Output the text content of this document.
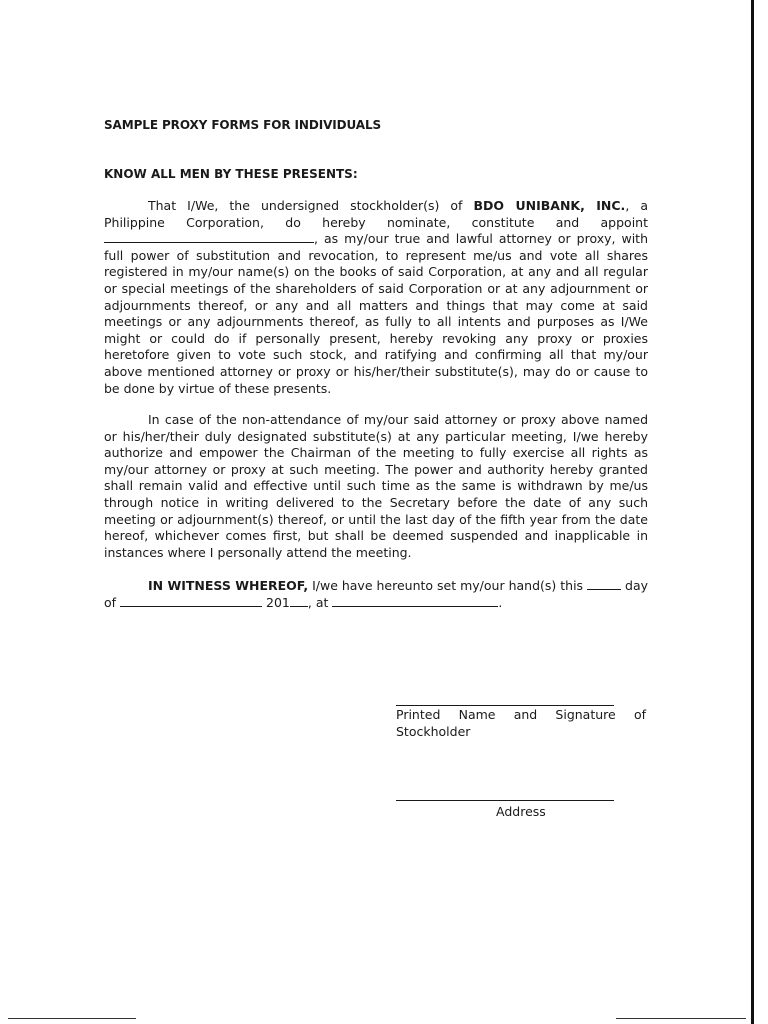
SAMPLE PROXY FORMS FOR INDIVIDUALS
KNOW ALL MEN BY THESE PRESENTS:
That I/We, the undersigned stockholder(s) of BDO UNIBANK, INC., a Philippine Corporation, do hereby nominate, constitute and appoint , as my/our true and lawful attorney or proxy, with full power of substitution and revocation, to represent me/us and vote all shares registered in my/our name(s) on the books of said Corporation, at any and all regular or special meetings of the shareholders of said Corporation or at any adjournment or adjournments thereof, or any and all matters and things that may come at said meetings or any adjournments thereof, as fully to all intents and purposes as I/We might or could do if personally present, hereby revoking any proxy or proxies heretofore given to vote such stock, and ratifying and confirming all that my/our above mentioned attorney or proxy or his/her/their substitute(s), may do or cause to be done by virtue of these presents.
In case of the non-attendance of my/our said attorney or proxy above named or his/her/their duly designated substitute(s) at any particular meeting, I/we hereby authorize and empower the Chairman of the meeting to fully exercise all rights as my/our attorney or proxy at such meeting. The power and authority hereby granted shall remain valid and effective until such time as the same is withdrawn by me/us through notice in writing delivered to the Secretary before the date of any such meeting or adjournment(s) thereof, or until the last day of the fifth year from the date hereof, whichever comes first, but shall be deemed suspended and inapplicable in instances where I personally attend the meeting.
IN WITNESS WHEREOF, I/we have hereunto set my/our hand(s) this	day of	201 , at	.
Printed Name and Signature of
Stockholder
Address
